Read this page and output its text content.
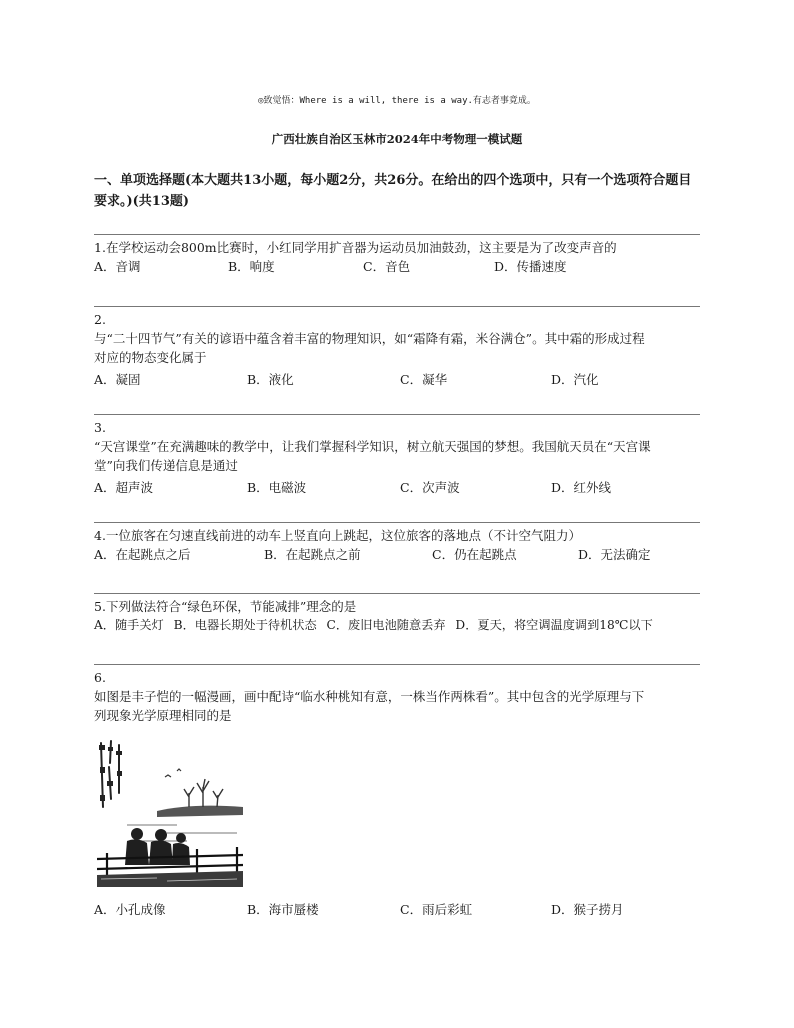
◎致觉悟：Where is a will, there is a way.有志者事竟成。
广西壮族自治区玉林市2024年中考物理一模试题
一、单项选择题(本大题共13小题，每小题2分，共26分。在给出的四个选项中，只有一个选项符合题目要求。)(共13题)
1.在学校运动会800m比赛时，小红同学用扩音器为运动员加油鼓劲，这主要是为了改变声音的
A．音调	B．响度	C．音色	D．传播速度
2.
与“二十四节气”有关的谚语中蕴含着丰富的物理知识，如“霜降有霜，米谷满仓”。其中霜的形成过程
对应的物态变化属于
A．凝固	B．液化	C．凝华	D．汽化
3.
“天宫课堂”在充满趣味的教学中，让我们掌握科学知识，树立航天强国的梦想。我国航天员在“天宫课
堂”向我们传递信息是通过
A．超声波	B．电磁波	C．次声波	D．红外线
4.一位旅客在匀速直线前进的动车上竖直向上跳起，这位旅客的落地点（不计空气阻力）
A．在起跳点之后	B．在起跳点之前	C．仍在起跳点	D．无法确定
5.下列做法符合“绿色环保，节能减排”理念的是
A．随手关灯 B．电器长期处于待机状态 C．废旧电池随意丢弃 D．夏天，将空调温度调到18℃以下
6.
如图是丰子恺的一幅漫画，画中配诗“临水种桃知有意，一株当作两株看”。其中包含的光学原理与下
列现象光学原理相同的是
A．小孔成像	B．海市蜃楼	C．雨后彩虹	D．猴子捞月
